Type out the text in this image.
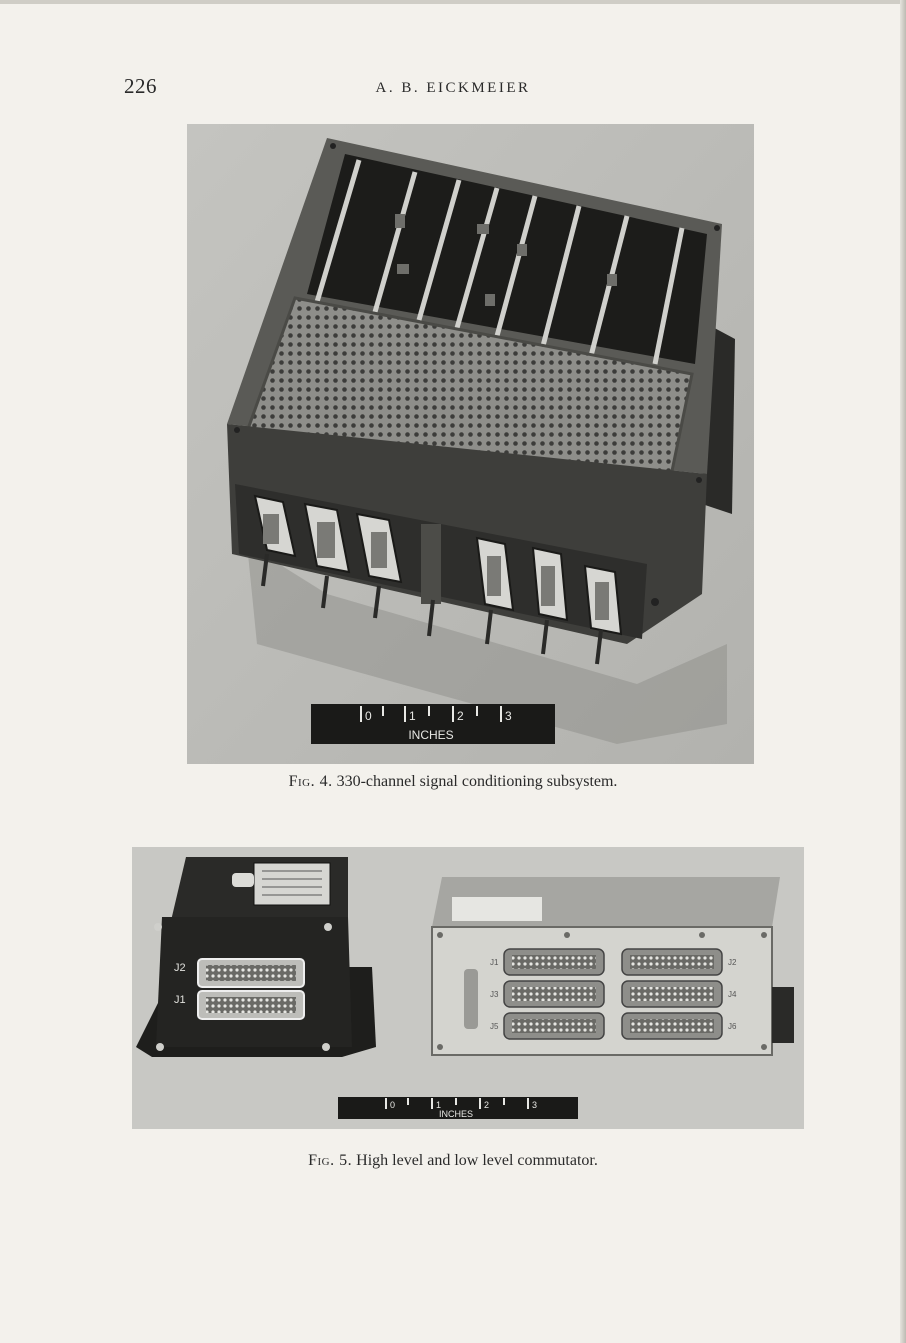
226	A. B. EICKMEIER
0	1	2	3
INCHES
Fig. 4. 330-channel signal conditioning subsystem.
J2
J1
J1	J2
J3	J4
J5	J6
0	1	2	3
INCHES
Fig. 5. High level and low level commutator.
